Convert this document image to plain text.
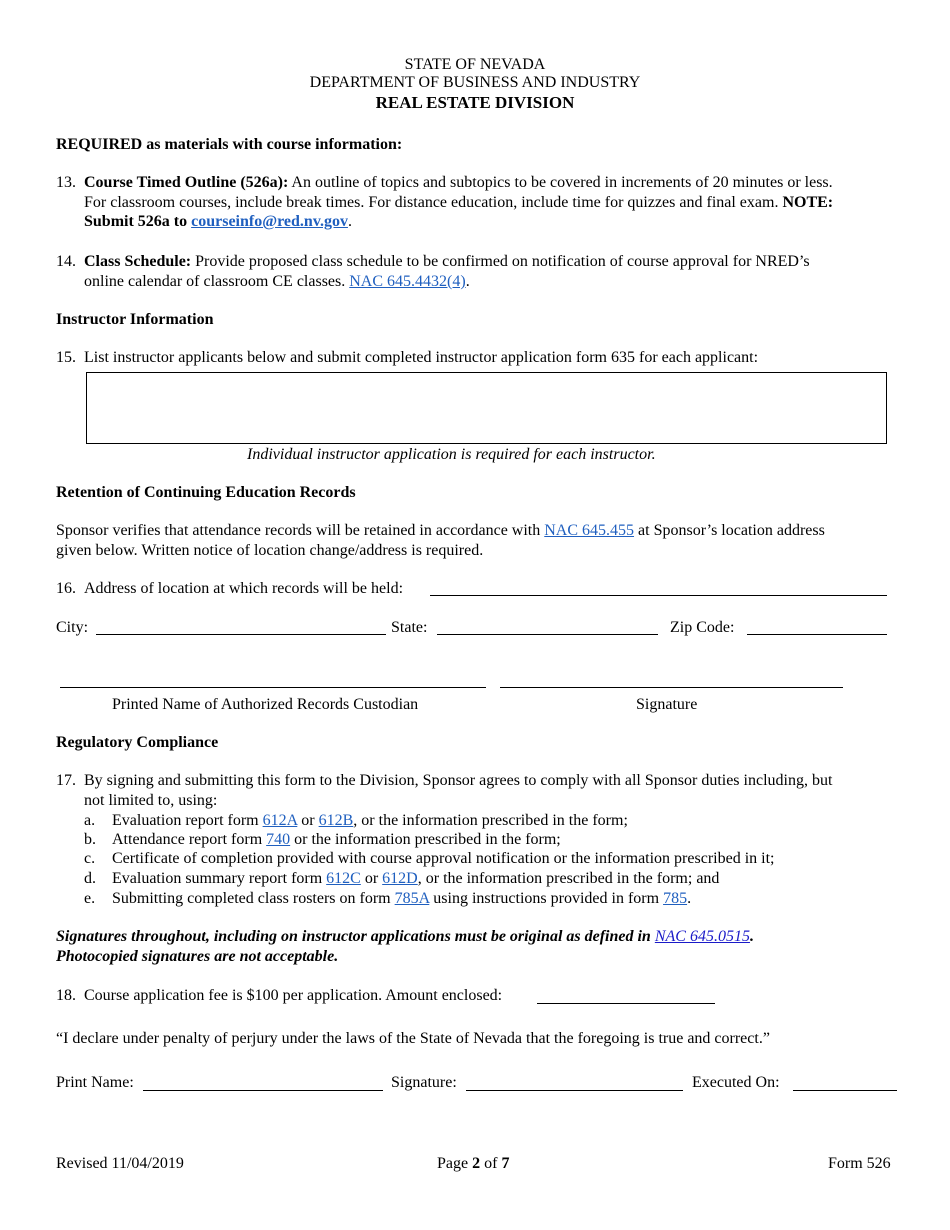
STATE OF NEVADA
DEPARTMENT OF BUSINESS AND INDUSTRY
REAL ESTATE DIVISION
REQUIRED as materials with course information:
13. Course Timed Outline (526a): An outline of topics and subtopics to be covered in increments of 20 minutes or less.
For classroom courses, include break times. For distance education, include time for quizzes and final exam. NOTE:
Submit 526a to courseinfo@red.nv.gov.
14. Class Schedule: Provide proposed class schedule to be confirmed on notification of course approval for NRED’s
online calendar of classroom CE classes. NAC 645.4432(4).
Instructor Information
15. List instructor applicants below and submit completed instructor application form 635 for each applicant:
Individual instructor application is required for each instructor.
Retention of Continuing Education Records
Sponsor verifies that attendance records will be retained in accordance with NAC 645.455 at Sponsor’s location address
given below. Written notice of location change/address is required.
16. Address of location at which records will be held:
City:	State:	Zip Code:
Printed Name of Authorized Records Custodian	Signature
Regulatory Compliance
17. By signing and submitting this form to the Division, Sponsor agrees to comply with all Sponsor duties including, but
not limited to, using:
a. Evaluation report form 612A or 612B, or the information prescribed in the form;
b. Attendance report form 740 or the information prescribed in the form;
c. Certificate of completion provided with course approval notification or the information prescribed in it;
d. Evaluation summary report form 612C or 612D, or the information prescribed in the form; and
e. Submitting completed class rosters on form 785A using instructions provided in form 785.
Signatures throughout, including on instructor applications must be original as defined in NAC 645.0515.
Photocopied signatures are not acceptable.
18. Course application fee is $100 per application. Amount enclosed:
“I declare under penalty of perjury under the laws of the State of Nevada that the foregoing is true and correct.”
Print Name:	Signature:	Executed On:
Revised 11/04/2019	Page 2 of 7	Form 526
